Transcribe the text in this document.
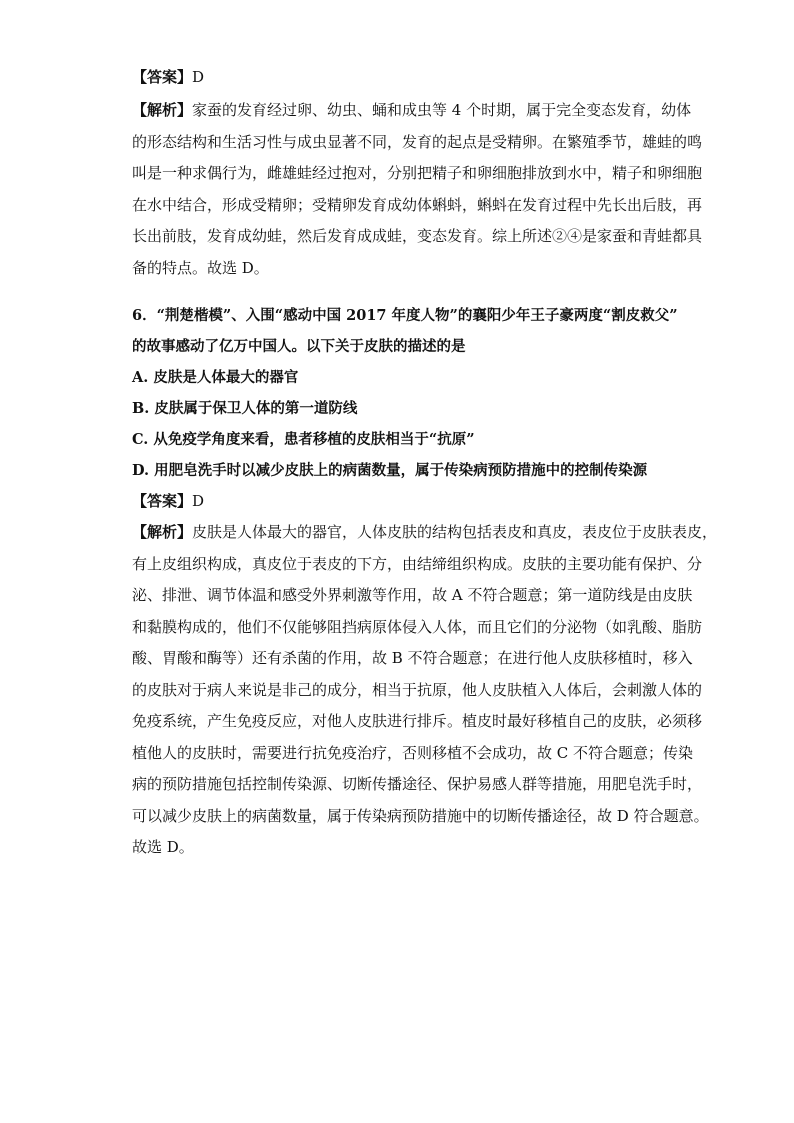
【答案】D

【解析】家蚕的发育经过卵、幼虫、蛹和成虫等 4 个时期，属于完全变态发育，幼体
的形态结构和生活习性与成虫显著不同，发育的起点是受精卵。在繁殖季节，雄蛙的鸣
叫是一种求偶行为，雌雄蛙经过抱对，分别把精子和卵细胞排放到水中，精子和卵细胞
在水中结合，形成受精卵；受精卵发育成幼体蝌蚪，蝌蚪在发育过程中先长出后肢，再
长出前肢，发育成幼蛙，然后发育成成蛙，变态发育。综上所述②④是家蚕和青蛙都具
备的特点。故选 D。

6．“荆楚楷模”、入围“感动中国 2017 年度人物”的襄阳少年王子豪两度“割皮救父”
的故事感动了亿万中国人。以下关于皮肤的描述的是
A. 皮肤是人体最大的器官
B. 皮肤属于保卫人体的第一道防线
C. 从免疫学角度来看，患者移植的皮肤相当于“抗原”
D. 用肥皂洗手时以减少皮肤上的病菌数量，属于传染病预防措施中的控制传染源

【答案】D

【解析】皮肤是人体最大的器官，人体皮肤的结构包括表皮和真皮，表皮位于皮肤表皮，
有上皮组织构成，真皮位于表皮的下方，由结缔组织构成。皮肤的主要功能有保护、分
泌、排泄、调节体温和感受外界刺激等作用，故 A 不符合题意；第一道防线是由皮肤
和黏膜构成的，他们不仅能够阻挡病原体侵入人体，而且它们的分泌物（如乳酸、脂肪
酸、胃酸和酶等）还有杀菌的作用，故 B 不符合题意；在进行他人皮肤移植时，移入
的皮肤对于病人来说是非己的成分，相当于抗原，他人皮肤植入人体后，会刺激人体的
免疫系统，产生免疫反应，对他人皮肤进行排斥。植皮时最好移植自己的皮肤，必须移
植他人的皮肤时，需要进行抗免疫治疗，否则移植不会成功，故 C 不符合题意；传染
病的预防措施包括控制传染源、切断传播途径、保护易感人群等措施，用肥皂洗手时，
可以减少皮肤上的病菌数量，属于传染病预防措施中的切断传播途径，故 D 符合题意。
故选 D。
